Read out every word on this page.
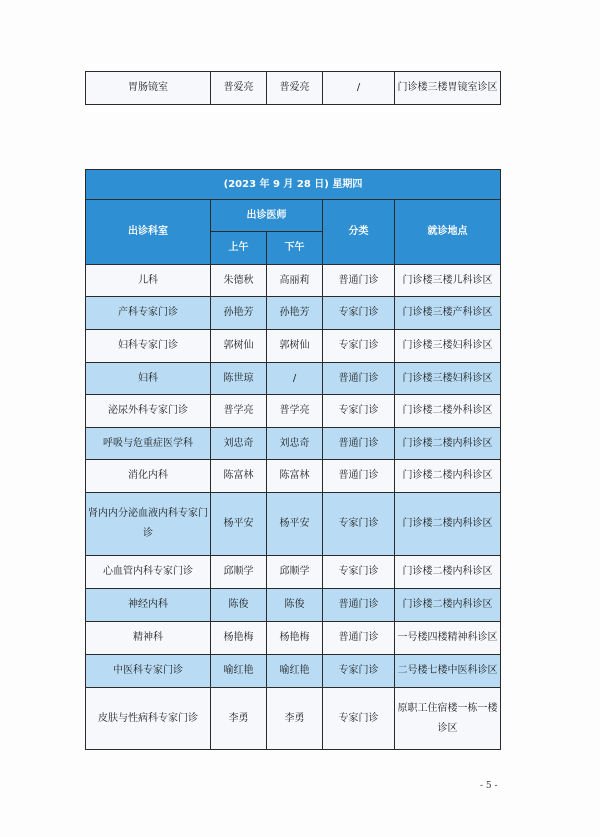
胃肠镜室	普爱亮	普爱亮	/	门诊楼三楼胃镜室诊区
(2023 年 9 月 28 日) 星期四				
出诊科室	出诊医师		分类	就诊地点
	上午	下午		
儿科	朱德秋	高丽莉	普通门诊	门诊楼三楼儿科诊区
产科专家门诊	孙艳芳	孙艳芳	专家门诊	门诊楼三楼产科诊区
妇科专家门诊	郭树仙	郭树仙	专家门诊	门诊楼三楼妇科诊区
妇科	陈世琼	/	普通门诊	门诊楼三楼妇科诊区
泌尿外科专家门诊	普学亮	普学亮	专家门诊	门诊楼二楼外科诊区
呼吸与危重症医学科	刘忠奇	刘忠奇	普通门诊	门诊楼二楼内科诊区
消化内科	陈富林	陈富林	普通门诊	门诊楼二楼内科诊区
肾内内分泌血液内科专家门诊	杨平安	杨平安	专家门诊	门诊楼二楼内科诊区
心血管内科专家门诊	邱顺学	邱顺学	专家门诊	门诊楼二楼内科诊区
神经内科	陈俊	陈俊	普通门诊	门诊楼二楼内科诊区
精神科	杨艳梅	杨艳梅	普通门诊	一号楼四楼精神科诊区
中医科专家门诊	喻红艳	喻红艳	专家门诊	二号楼七楼中医科诊区
皮肤与性病科专家门诊	李勇	李勇	专家门诊	原职工住宿楼一栋一楼诊区
- 5 -
